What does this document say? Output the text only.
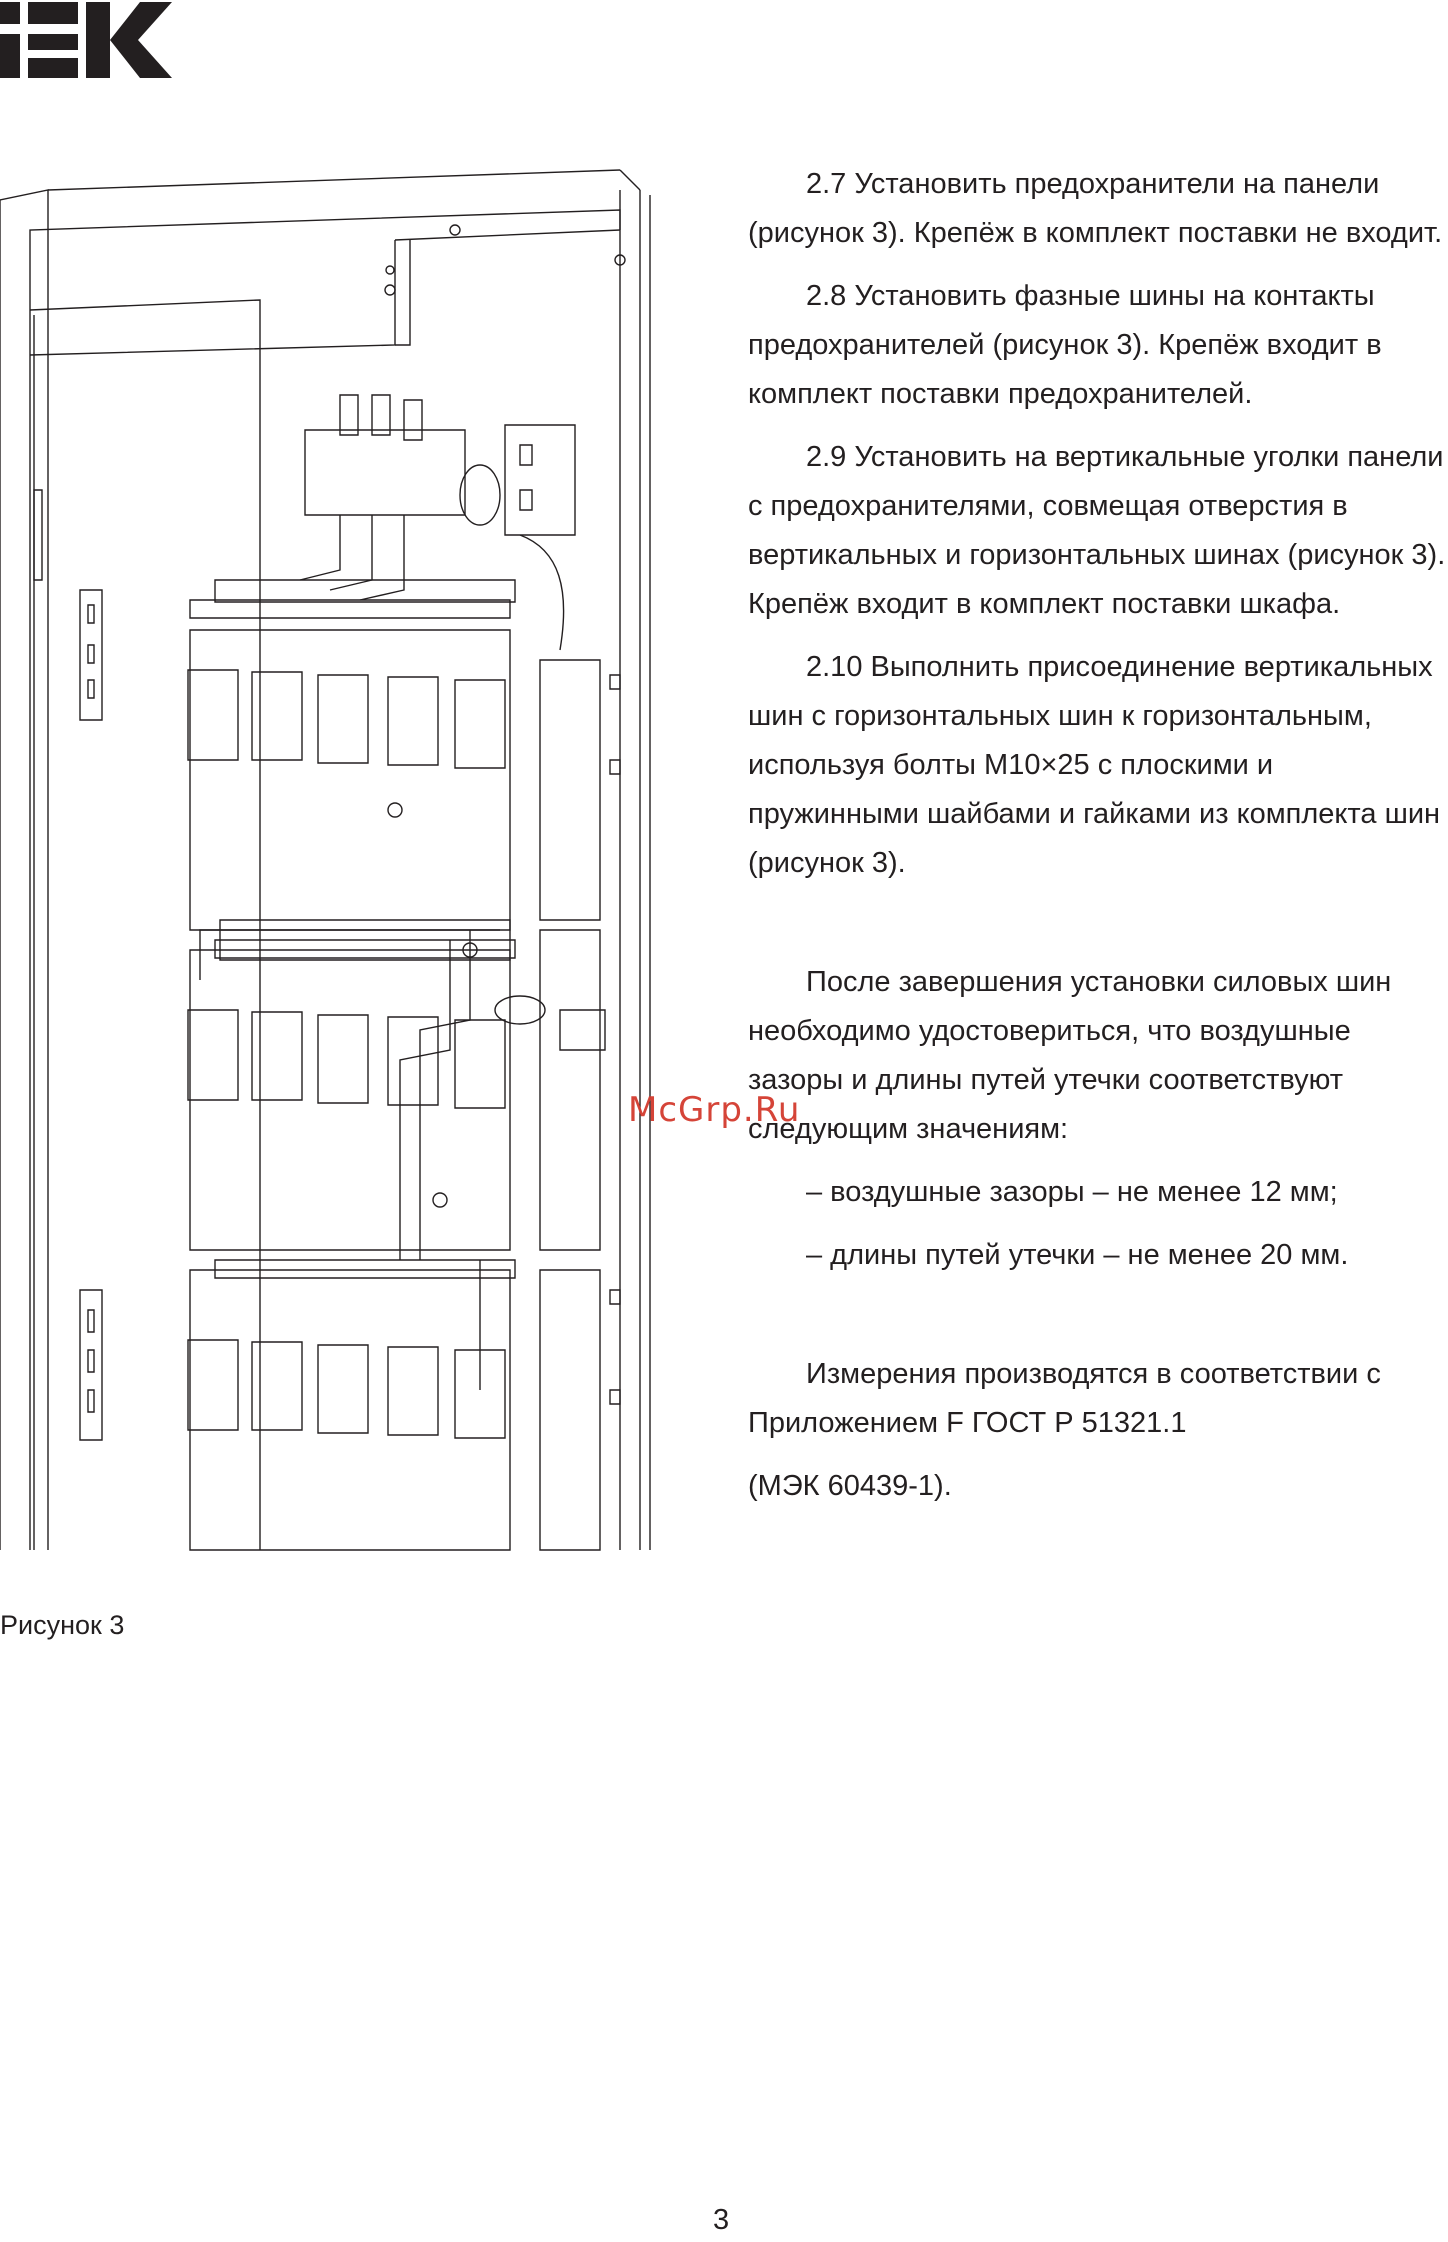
Рисунок 3

2.7 Установить предохранители на панели (рисунок 3). Крепёж в комплект поставки не входит.

2.8 Установить фазные шины на контакты предохранителей (рисунок 3). Крепёж входит в комплект поставки предохранителей.

2.9 Установить на вертикальные уголки панели с предохранителями, совмещая отверстия в вертикальных и горизонтальных шинах (рисунок 3). Крепёж входит в комплект поставки шкафа.

2.10 Выполнить присоединение вертикальных шин с горизонтальных шин к горизонтальным, используя болты М10×25 с плоскими и пружинными шайбами и гайками из комплекта шин (рисунок 3).

После завершения установки силовых шин необходимо удостовериться, что воздушные зазоры и длины путей утечки соответствуют следующим значениям:

– воздушные зазоры – не менее 12 мм;

– длины путей утечки – не менее 20 мм.

Измерения производятся в соответствии с Приложением F ГОСТ Р 51321.1

(МЭК 60439-1).

McGrp.Ru
3
